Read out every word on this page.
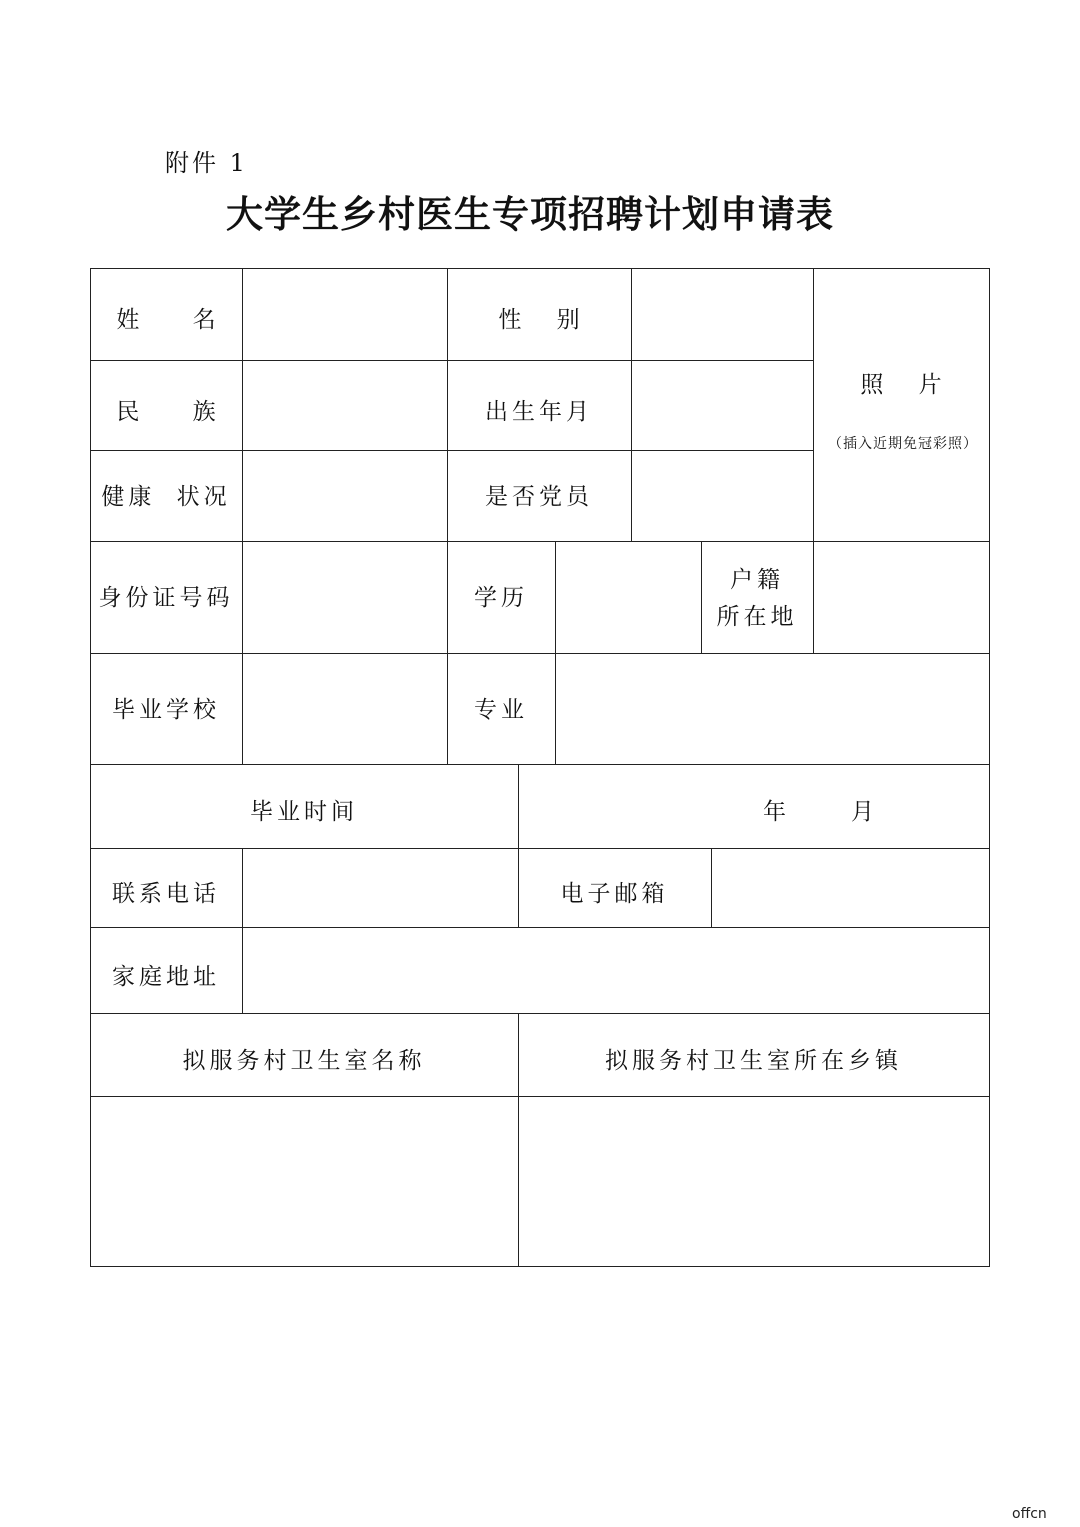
附件 1
大学生乡村医生专项招聘计划申请表
姓 名	性 别
照 片
（插入近期免冠彩照）
民 族	出生年月
健康 状况	是否党员
身份证号码	学历
户籍
所在地
毕业学校	专业
毕业时间	年	月
联系电话	电子邮箱
家庭地址
拟服务村卫生室名称	拟服务村卫生室所在乡镇
offcn
